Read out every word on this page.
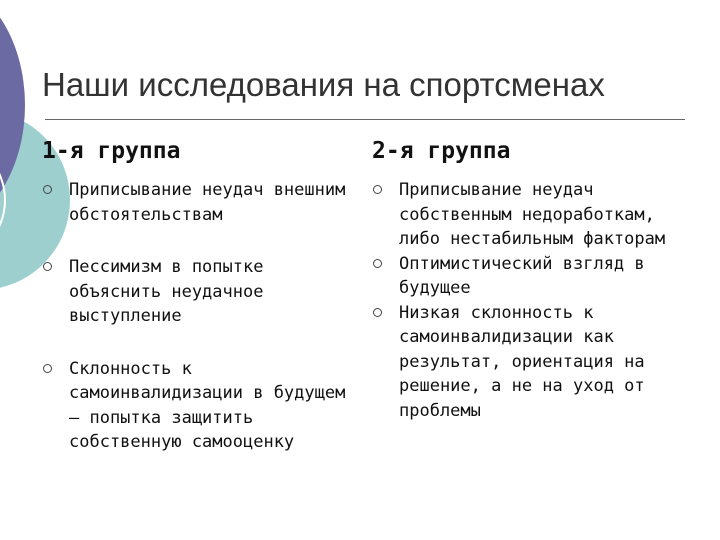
Наши исследования на спортсменах
1-я группа
Приписывание неудач внешним обстоятельствам
Пессимизм в попытке объяснить неудачное выступление
Склонность к самоинвалидизации в будущем – попытка защитить собственную самооценку
2-я группа
Приписывание неудач собственным недоработкам, либо нестабильным факторам
Оптимистический взгляд в будущее
Низкая склонность к самоинвалидизации как результат, ориентация на решение, а не на уход от проблемы
